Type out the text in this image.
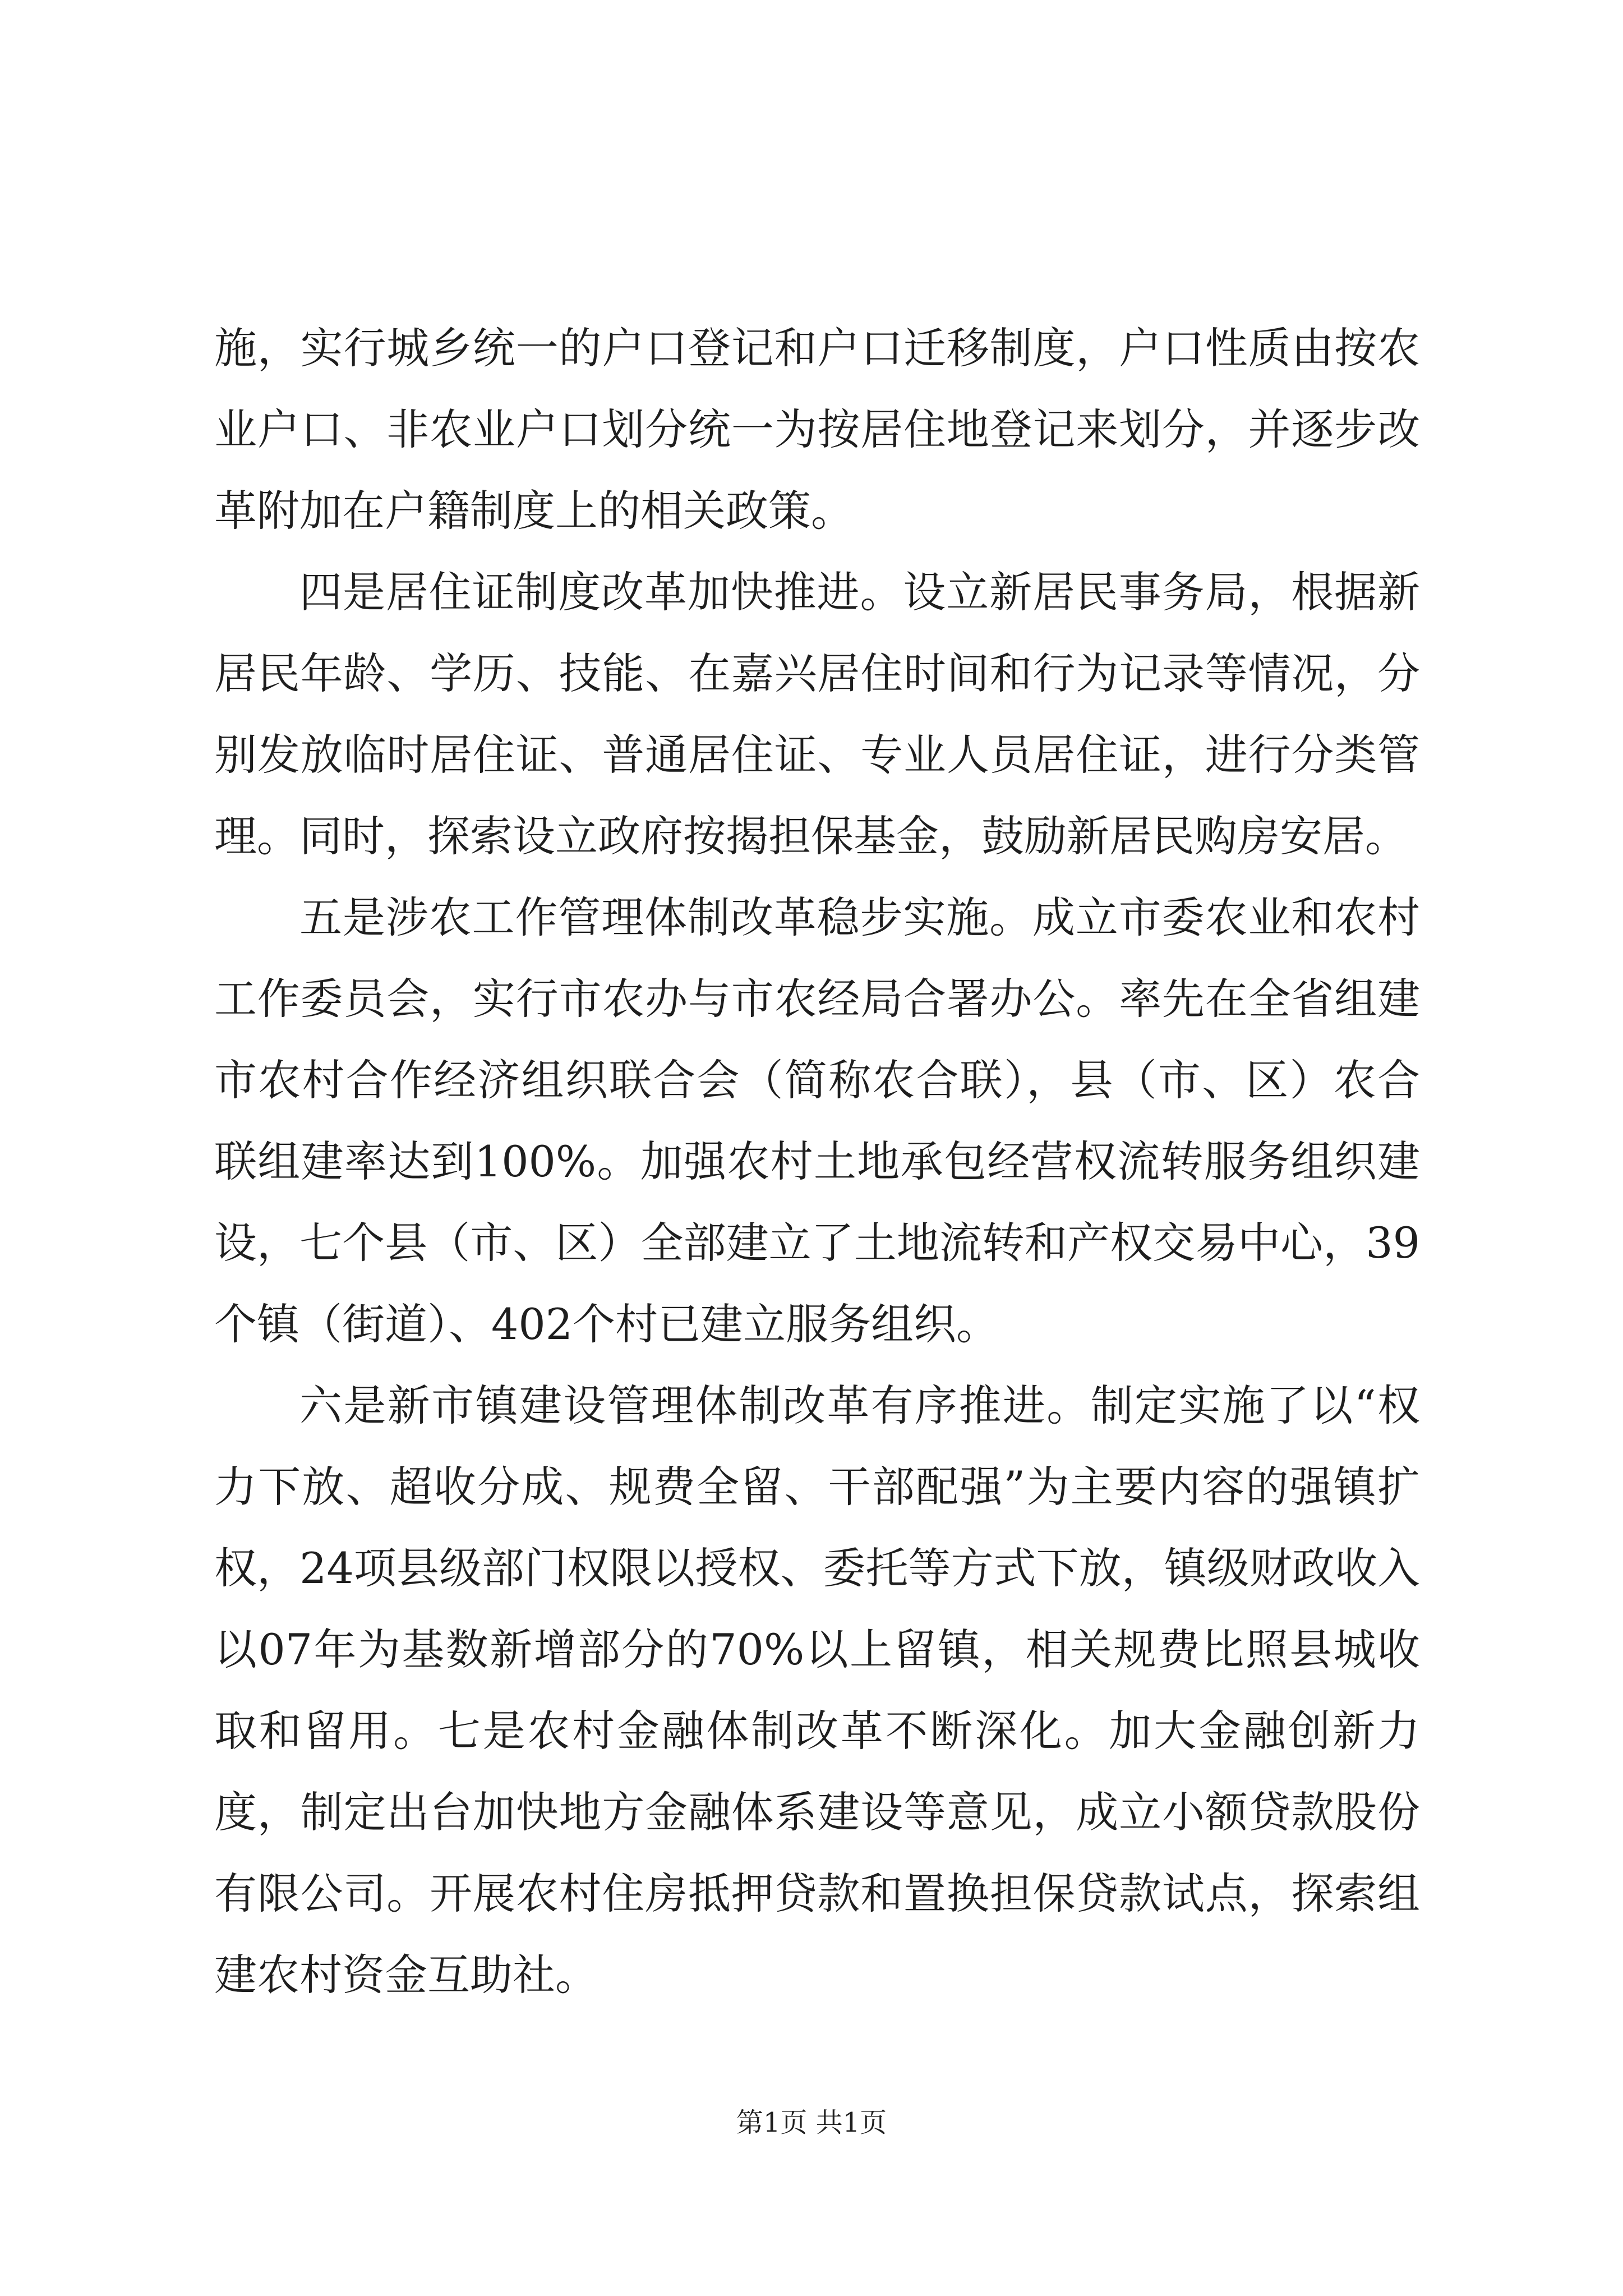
施，实行城乡统一的户口登记和户口迁移制度，户口性质由按农业户口、非农业户口划分统一为按居住地登记来划分，并逐步改革附加在户籍制度上的相关政策。

四是居住证制度改革加快推进。设立新居民事务局，根据新居民年龄、学历、技能、在嘉兴居住时间和行为记录等情况，分别发放临时居住证、普通居住证、专业人员居住证，进行分类管理。同时，探索设立政府按揭担保基金，鼓励新居民购房安居。

五是涉农工作管理体制改革稳步实施。成立市委农业和农村工作委员会，实行市农办与市农经局合署办公。率先在全省组建市农村合作经济组织联合会（简称农合联），县（市、区）农合联组建率达到100%。加强农村土地承包经营权流转服务组织建设，七个县（市、区）全部建立了土地流转和产权交易中心，39个镇（街道）、402个村已建立服务组织。

六是新市镇建设管理体制改革有序推进。制定实施了以“权力下放、超收分成、规费全留、干部配强”为主要内容的强镇扩权，24项县级部门权限以授权、委托等方式下放，镇级财政收入以07年为基数新增部分的70%以上留镇，相关规费比照县城收取和留用。七是农村金融体制改革不断深化。加大金融创新力度，制定出台加快地方金融体系建设等意见，成立小额贷款股份有限公司。开展农村住房抵押贷款和置换担保贷款试点，探索组建农村资金互助社。

第1页 共1页
